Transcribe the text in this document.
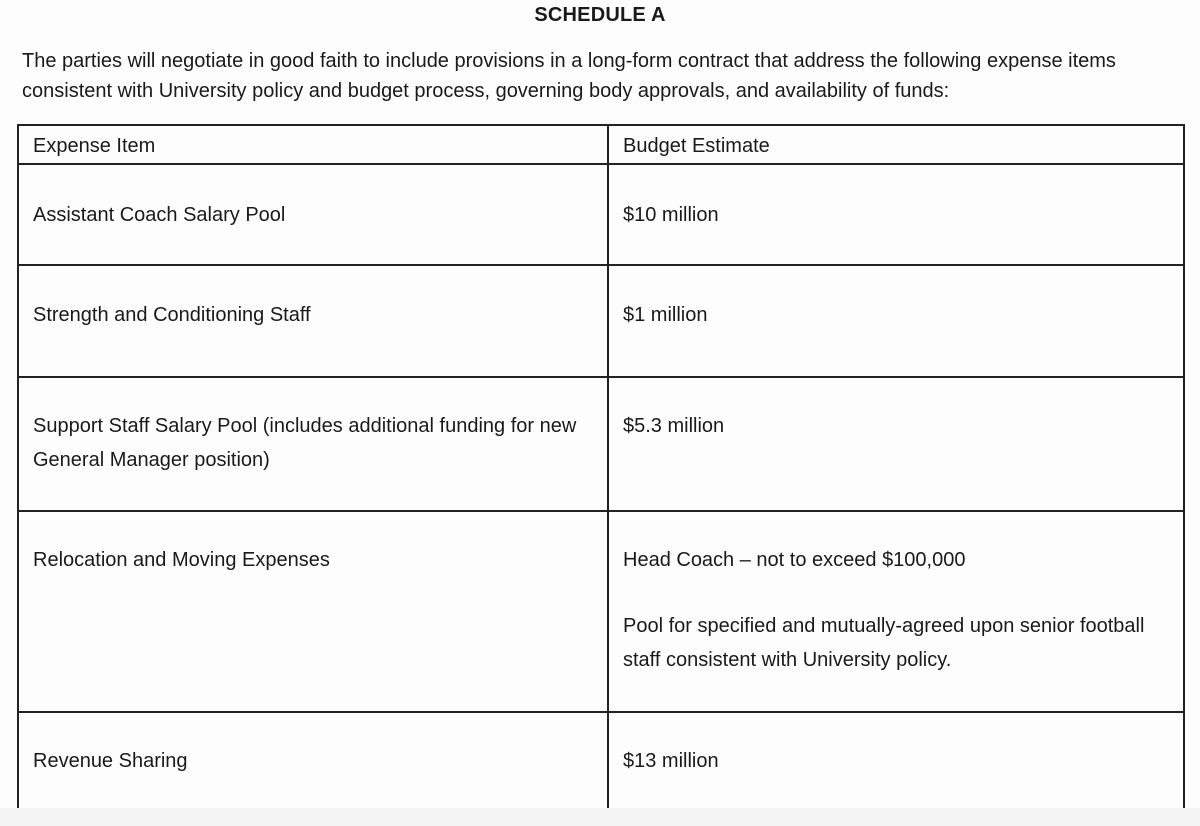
SCHEDULE A
The parties will negotiate in good faith to include provisions in a long-form contract that address the following expense items consistent with University policy and budget process, governing body approvals, and availability of funds:
Expense Item	Budget Estimate

Assistant Coach Salary Pool	$10 million

Strength and Conditioning Staff	$1 million

Support Staff Salary Pool (includes additional funding for new General Manager position)	$5.3 million

Relocation and Moving Expenses	Head Coach – not to exceed $100,000
Pool for specified and mutually-agreed upon senior football staff consistent with University policy.

Revenue Sharing	$13 million
